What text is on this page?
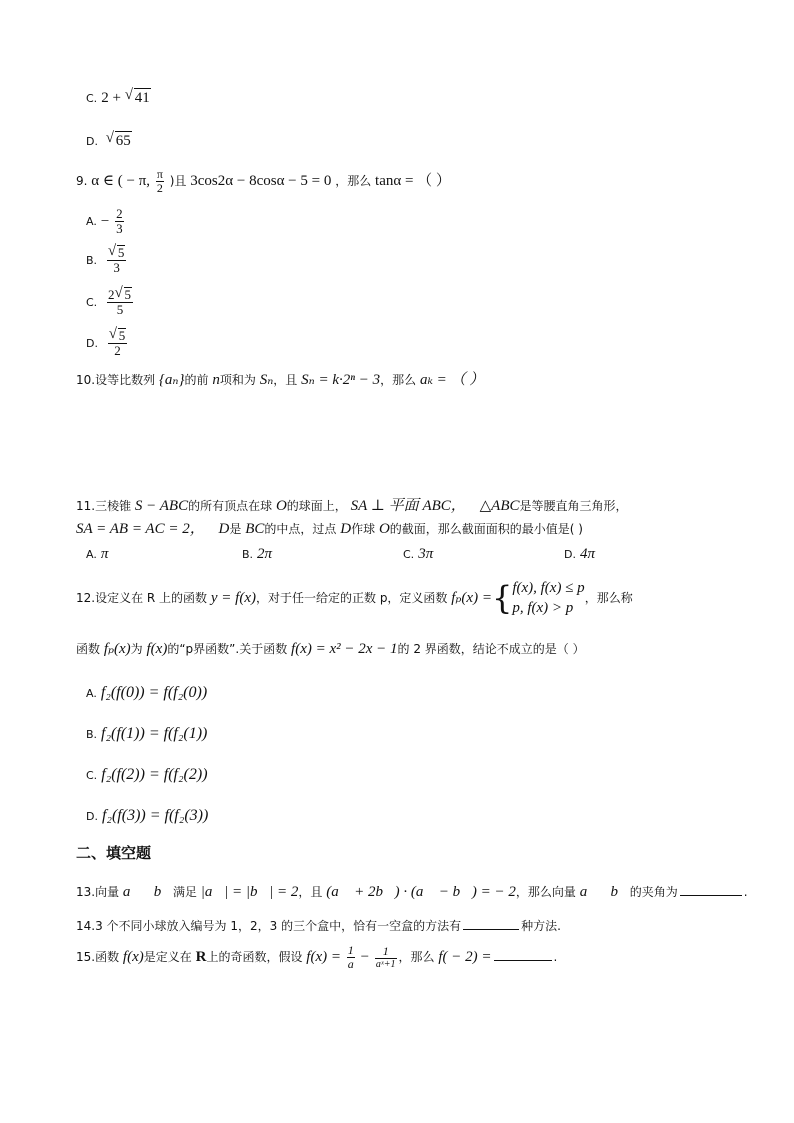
C. 2 + √ 41
D. √ 65
9. α ∈ ( − π, $\frac{\pi}{2}$ )且 3cos2α − 8cosα − 5 = 0 ，那么 tanα = （ ）
A. − $\frac{2}{3}$
B. √ $\frac{5}{3}$
C. $\frac{2 √ 5}{5}$
D. √ $\frac{5}{2}$
10.设等比数列 {aₙ}的前 n项和为 Sₙ，且 Sₙ = k·2ⁿ − 3，那么 aₖ = （ ）
11.三棱锥 S − ABC的所有顶点在球 O的球面上， SA ⊥ 平面 ABC， △ABC是等腰直角三角形，
SA = AB = AC = 2， D是 BC的中点，过点 D作球 O的截面，那么截面面积的最小值是( )
A. π	B. 2π	C. 3π	D. 4π
12.设定义在 R 上的函数 y = f(x)，对于任一给定的正数 p，定义函数 fₚ(x) ={ f(x), f(x) ≤ p
p, f(x) > p
，那么称
函数 fₚ(x)为 f(x)的“p界函数”.关于函数 f(x) = x² − 2x − 1的 2 界函数，结论不成立的是（ ）
A. f₂(f(0)) = f(f₂(0))
B. f₂(f(1)) = f(f₂(1))
C. f₂(f(2)) = f(f₂(2))
D. f₂(f(3)) = f(f₂(3))
二、填空题
13.向量 a⃗，b⃗满足 |a⃗| = |b⃗| = 2，且 (a⃗ + 2b⃗) · (a⃗ − b⃗) = − 2，那么向量 a⃗，b⃗的夹角为	.
14.3 个不同小球放入编号为 1，2，3 的三个盒中，恰有一空盒的方法有	种方法.
15.函数 f(x)是定义在 R上的奇函数，假设 $f(x) = \frac{1}{a} - \frac{1}{\text{aˣ+1}}$ ，那么 f( − 2) =	.
